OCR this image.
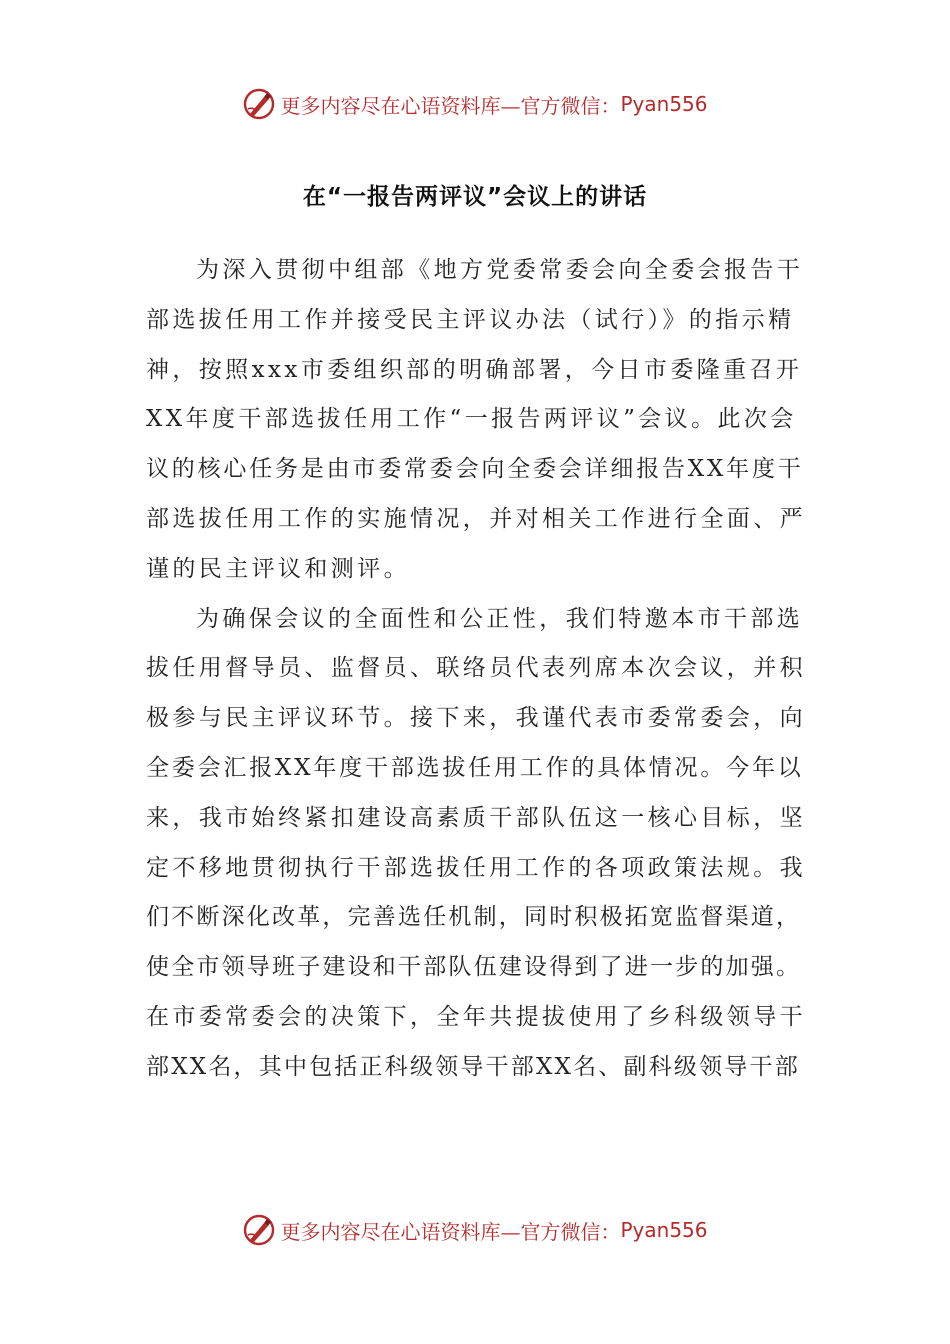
更多内容尽在心语资料库—官方微信： Pyan556
在“一报告两评议”会议上的讲话
为深入贯彻中组部《地方党委常委会向全委会报告干
部选拔任用工作并接受民主评议办法（试行）》的指示精
神，按照xxx市委组织部的明确部署，今日市委隆重召开
XX年度干部选拔任用工作“一报告两评议”会议。此次会
议的核心任务是由市委常委会向全委会详细报告XX年度干
部选拔任用工作的实施情况，并对相关工作进行全面、严
谨的民主评议和测评。
为确保会议的全面性和公正性，我们特邀本市干部选
拔任用督导员、监督员、联络员代表列席本次会议，并积
极参与民主评议环节。接下来，我谨代表市委常委会，向
全委会汇报XX年度干部选拔任用工作的具体情况。今年以
来，我市始终紧扣建设高素质干部队伍这一核心目标，坚
定不移地贯彻执行干部选拔任用工作的各项政策法规。我
们不断深化改革，完善选任机制，同时积极拓宽监督渠道，
使全市领导班子建设和干部队伍建设得到了进一步的加强。
在市委常委会的决策下，全年共提拔使用了乡科级领导干
部XX名，其中包括正科级领导干部XX名、副科级领导干部
更多内容尽在心语资料库—官方微信： Pyan556
